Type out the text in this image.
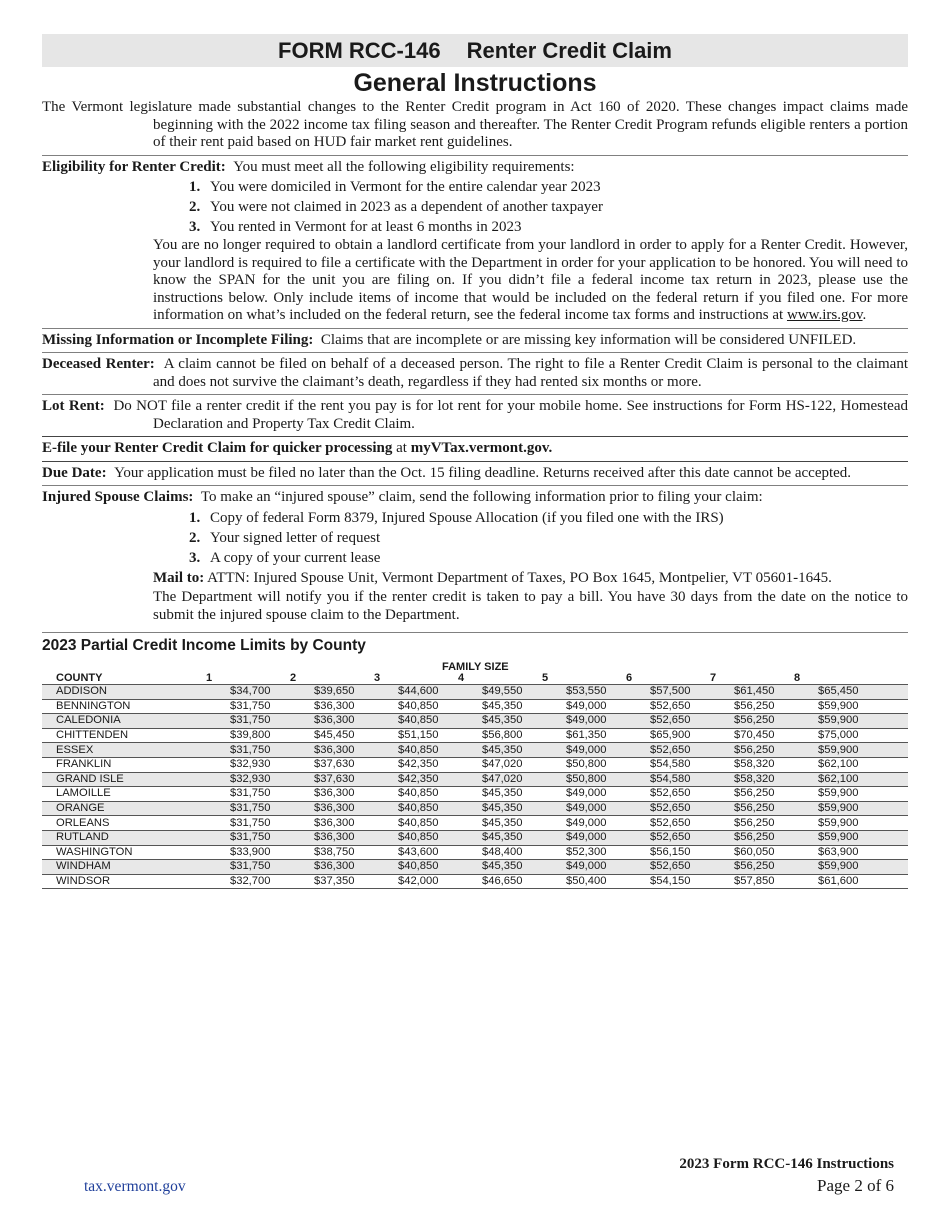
FORM RCC-146 Renter Credit Claim
General Instructions

The Vermont legislature made substantial changes to the Renter Credit program in Act 160 of 2020. These changes impact claims made beginning with the 2022 income tax filing season and thereafter. The Renter Credit Program refunds eligible renters a portion of their rent paid based on HUD fair market rent guidelines.

Eligibility for Renter Credit: You must meet all the following eligibility requirements:

1. You were domiciled in Vermont for the entire calendar year 2023
2. You were not claimed in 2023 as a dependent of another taxpayer
3. You rented in Vermont for at least 6 months in 2023

You are no longer required to obtain a landlord certificate from your landlord in order to apply for a Renter Credit. However, your landlord is required to file a certificate with the Department in order for your application to be honored. You will need to know the SPAN for the unit you are filing on. If you didn’t file a federal income tax return in 2023, please use the instructions below. Only include items of income that would be included on the federal return if you filed one. For more information on what’s included on the federal return, see the federal income tax forms and instructions at www.irs.gov.

Missing Information or Incomplete Filing: Claims that are incomplete or are missing key information will be considered UNFILED.

Deceased Renter: A claim cannot be filed on behalf of a deceased person. The right to file a Renter Credit Claim is personal to the claimant and does not survive the claimant’s death, regardless if they had rented six months or more.

Lot Rent: Do NOT file a renter credit if the rent you pay is for lot rent for your mobile home. See instructions for Form HS-122, Homestead Declaration and Property Tax Credit Claim.

E-file your Renter Credit Claim for quicker processing at myVTax.vermont.gov.

Due Date: Your application must be filed no later than the Oct. 15 filing deadline. Returns received after this date cannot be accepted.

Injured Spouse Claims: To make an “injured spouse” claim, send the following information prior to filing your claim:

1. Copy of federal Form 8379, Injured Spouse Allocation (if you filed one with the IRS)
2. Your signed letter of request
3. A copy of your current lease

Mail to: ATTN: Injured Spouse Unit, Vermont Department of Taxes, PO Box 1645, Montpelier, VT 05601-1645.

The Department will notify you if the renter credit is taken to pay a bill. You have 30 days from the date on the notice to submit the injured spouse claim to the Department.

2023 Partial Credit Income Limits by County
				FAMILY SIZE					
COUNTY	1	2	3	4	5	6	7	8	
ADDISON	$34,700	$39,650	$44,600	$49,550	$53,550	$57,500	$61,450	$65,450	
BENNINGTON	$31,750	$36,300	$40,850	$45,350	$49,000	$52,650	$56,250	$59,900	
CALEDONIA	$31,750	$36,300	$40,850	$45,350	$49,000	$52,650	$56,250	$59,900	
CHITTENDEN	$39,800	$45,450	$51,150	$56,800	$61,350	$65,900	$70,450	$75,000	
ESSEX	$31,750	$36,300	$40,850	$45,350	$49,000	$52,650	$56,250	$59,900	
FRANKLIN	$32,930	$37,630	$42,350	$47,020	$50,800	$54,580	$58,320	$62,100	
GRAND ISLE	$32,930	$37,630	$42,350	$47,020	$50,800	$54,580	$58,320	$62,100	
LAMOILLE	$31,750	$36,300	$40,850	$45,350	$49,000	$52,650	$56,250	$59,900	
ORANGE	$31,750	$36,300	$40,850	$45,350	$49,000	$52,650	$56,250	$59,900	
ORLEANS	$31,750	$36,300	$40,850	$45,350	$49,000	$52,650	$56,250	$59,900	
RUTLAND	$31,750	$36,300	$40,850	$45,350	$49,000	$52,650	$56,250	$59,900	
WASHINGTON	$33,900	$38,750	$43,600	$48,400	$52,300	$56,150	$60,050	$63,900	
WINDHAM	$31,750	$36,300	$40,850	$45,350	$49,000	$52,650	$56,250	$59,900	
WINDSOR	$32,700	$37,350	$42,000	$46,650	$50,400	$54,150	$57,850	$61,600	
2023 Form RCC-146 Instructions
Page 2 of 6
tax.vermont.gov
